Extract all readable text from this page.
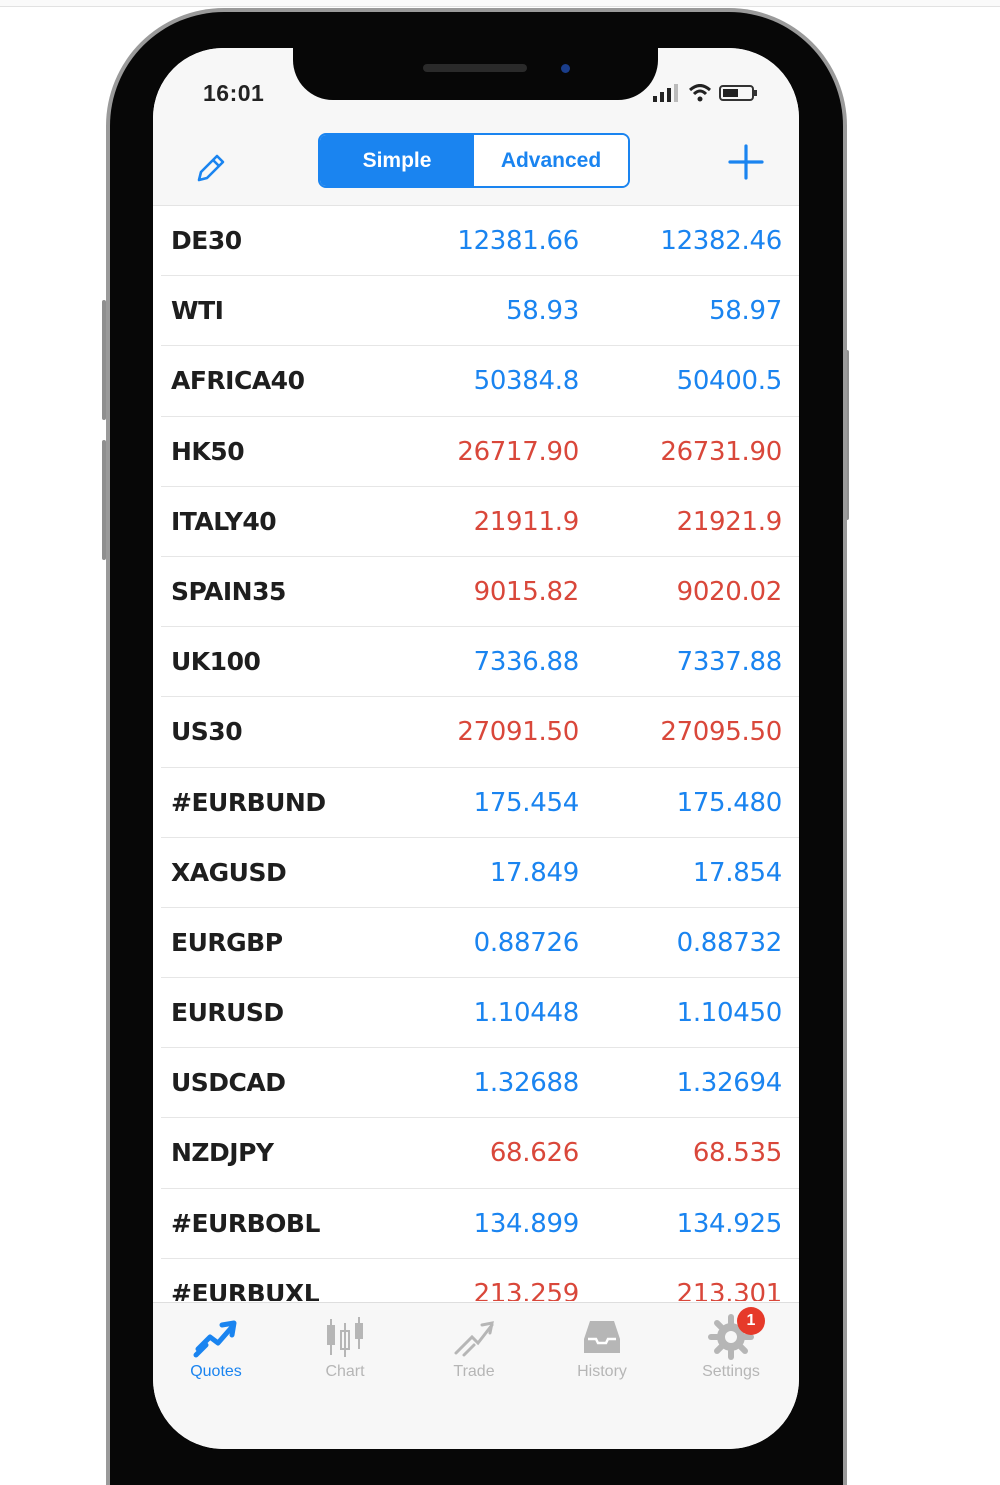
16:01
Simple	Advanced
DE30	12381.66	12382.46
WTI	58.93	58.97
AFRICA40	50384.8	50400.5
HK50	26717.90	26731.90
ITALY40	21911.9	21921.9
SPAIN35	9015.82	9020.02
UK100	7336.88	7337.88
US30	27091.50	27095.50
#EURBUND	175.454	175.480
XAGUSD	17.849	17.854
EURGBP	0.88726	0.88732
EURUSD	1.10448	1.10450
USDCAD	1.32688	1.32694
NZDJPY	68.626	68.535
#EURBOBL	134.899	134.925
#EURBUXL	213.259	213.301
Quotes	Chart	Trade	History
1
Settings
